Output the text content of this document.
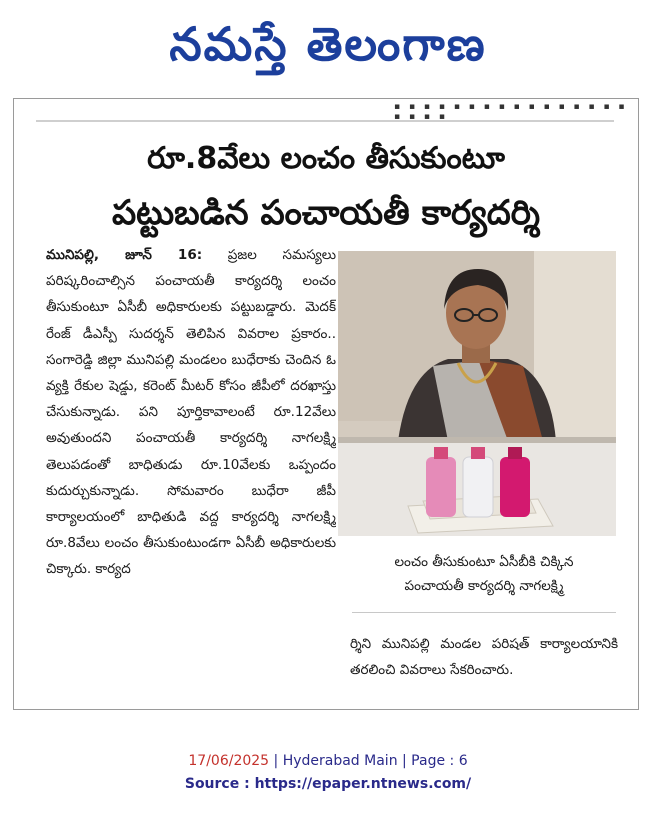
నమస్తే తెలంగాణ
▪ ▪ ▪ ▪ ▪ ▪ ▪ ▪ ▪ ▪ ▪ ▪ ▪ ▪ ▪ ▪ ▪ ▪ ▪ ▪
రూ.8వేలు లంచం తీసుకుంటూ
పట్టుబడిన పంచాయతీ కార్యదర్శి
మునిపల్లి, జూన్ 16: ప్రజల సమస్యలు పరిష్కరించాల్సిన పంచాయతీ కార్యదర్శి లంచం తీసుకుంటూ ఏసీబీ అధికారులకు పట్టుబడ్డారు. మెదక్ రేంజ్ డీఎస్పీ సుదర్శన్ తెలిపిన వివరాల ప్రకారం.. సంగారెడ్డి జిల్లా మునిపల్లి మండలం బుధేరాకు చెందిన ఓ వ్యక్తి రేకుల షెడ్డు, కరెంట్ మీటర్ కోసం జీపీలో దరఖాస్తు చేసుకున్నాడు. పని పూర్తికావాలంటే రూ.12వేలు అవుతుందని పంచాయతీ కార్యదర్శి నాగలక్ష్మి తెలుపడంతో బాధితుడు రూ.10వేలకు ఒప్పందం కుదుర్చుకున్నాడు. సోమవారం బుధేరా జీపీ కార్యాలయంలో బాధితుడి వద్ద కార్యదర్శి నాగలక్ష్మి రూ.8వేలు లంచం తీసుకుంటుండగా ఏసీబీ అధికారులకు చిక్కారు. కార్యద	లంచం తీసుకుంటూ ఏసీబీకి చిక్కిన
పంచాయతీ కార్యదర్శి నాగలక్ష్మి
ర్శిని మునిపల్లి మండల పరిషత్ కార్యాలయానికి తరలించి వివరాలు సేకరించారు.
17/06/2025 | Hyderabad Main | Page : 6
Source : https://epaper.ntnews.com/
